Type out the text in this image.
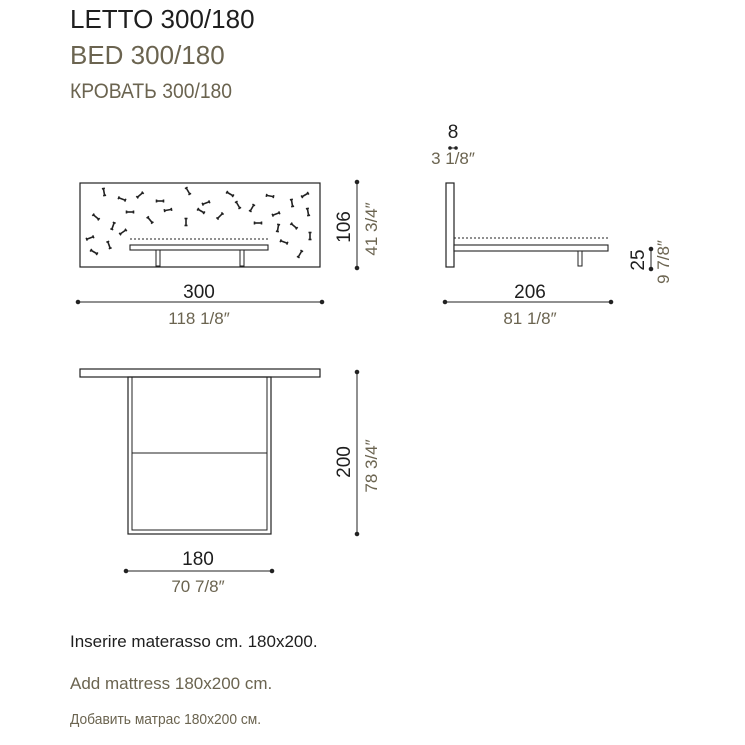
LETTO 300/180
BED 300/180
КРОВАТЬ 300/180
300
118 1/8″
106 41 3/4″
8
3 1/8″
206
81 1/8″
25 9 7/8″
180
70 7/8″
200 78 3/4″
Inserire materasso cm. 180x200.
Add mattress 180x200 cm.
Добавить матрас 180x200 см.
